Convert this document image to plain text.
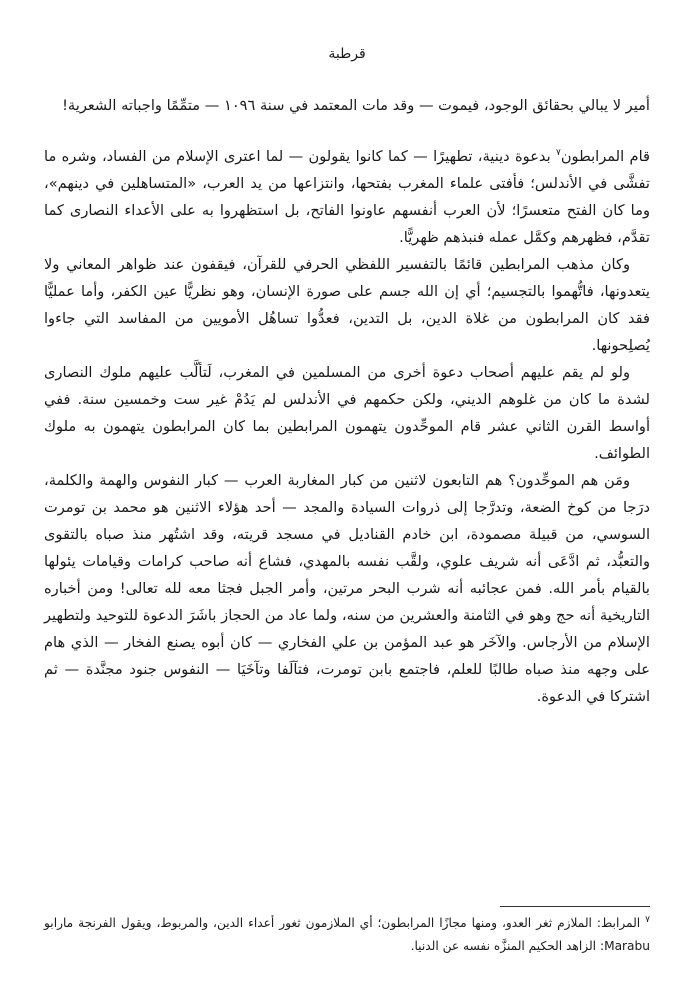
قرطبة

أمير لا يبالي بحقائق الوجود، فيموت — وقد مات المعتمد في سنة ١٠٩٦ — متمِّمًا واجباته الشعرية!

قام المرابطون$^٧$ بدعوة دينية، تطهيرًا — كما كانوا يقولون — لما اعترى الإسلام من الفساد، وشره ما تفشَّى في الأندلس؛ فأفتى علماء المغرب بفتحها، وانتزاعها من يد العرب، «المتساهلين في دينهم»، وما كان الفتح متعسرًا؛ لأن العرب أنفسهم عاونوا الفاتح، بل استظهروا به على الأعداء النصارى كما تقدَّم، فظهرهم وكمَّل عمله فنبذهم ظهريًّا.

وكان مذهب المرابطين قائمًا بالتفسير اللفظي الحرفي للقرآن، فيقفون عند ظواهر المعاني ولا يتعدونها، فاتُّهموا بالتجسيم؛ أي إن الله جسم على صورة الإنسان، وهو نظريًّا عين الكفر، وأما عمليًّا فقد كان المرابطون من غلاة الدين، بل التدين، فعدُّوا تساهُل الأمويين من المفاسد التي جاءوا يُصلِحونها.

ولو لم يقم عليهم أصحاب دعوة أخرى من المسلمين في المغرب، لَتألَّب عليهم ملوك النصارى لشدة ما كان من غلوهم الديني، ولكن حكمهم في الأندلس لم يَدُمْ غير ست وخمسين سنة. ففي أواسط القرن الثاني عشر قام الموحِّدون يتهمون المرابطين بما كان المرابطون يتهمون به ملوك الطوائف.

ومَن هم الموحِّدون؟ هم التابعون لاثنين من كبار المغاربة العرب — كبار النفوس والهمة والكلمة، درَجا من كوخ الضعة، وتدرَّجا إلى ذروات السيادة والمجد — أحد هؤلاء الاثنين هو محمد بن تومرت السوسي، من قبيلة مصمودة، ابن خادم القناديل في مسجد قريته، وقد اشتُهر منذ صباه بالتقوى والتعبُّد، ثم ادَّعَى أنه شريف علوي، ولقَّب نفسه بالمهدي، فشاع أنه صاحب كرامات وقيامات يئولها بالقيام بأمر الله. فمن عجائبه أنه شرب البحر مرتين، وأمر الجبل فجثا معه لله تعالى! ومن أخباره التاريخية أنه حج وهو في الثامنة والعشرين من سنه، ولما عاد من الحجاز باشَرَ الدعوة للتوحيد ولتطهير الإسلام من الأرجاس. والآخَر هو عبد المؤمن بن علي الفخاري — كان أبوه يصنع الفخار — الذي هام على وجهه منذ صباه طالبًا للعلم، فاجتمع بابن تومرت، فتآلَفا وتآخَيَا — النفوس جنود مجنَّدة — ثم اشتركا في الدعوة.

$^٧$ المرابط: الملازم ثغر العدو، ومنها مجازًا المرابطون؛ أي الملازمون ثغور أعداء الدين، والمربوط، ويقول الفرنجة مارابو Marabu: الزاهد الحكيم المنزَّه نفسه عن الدنيا.
